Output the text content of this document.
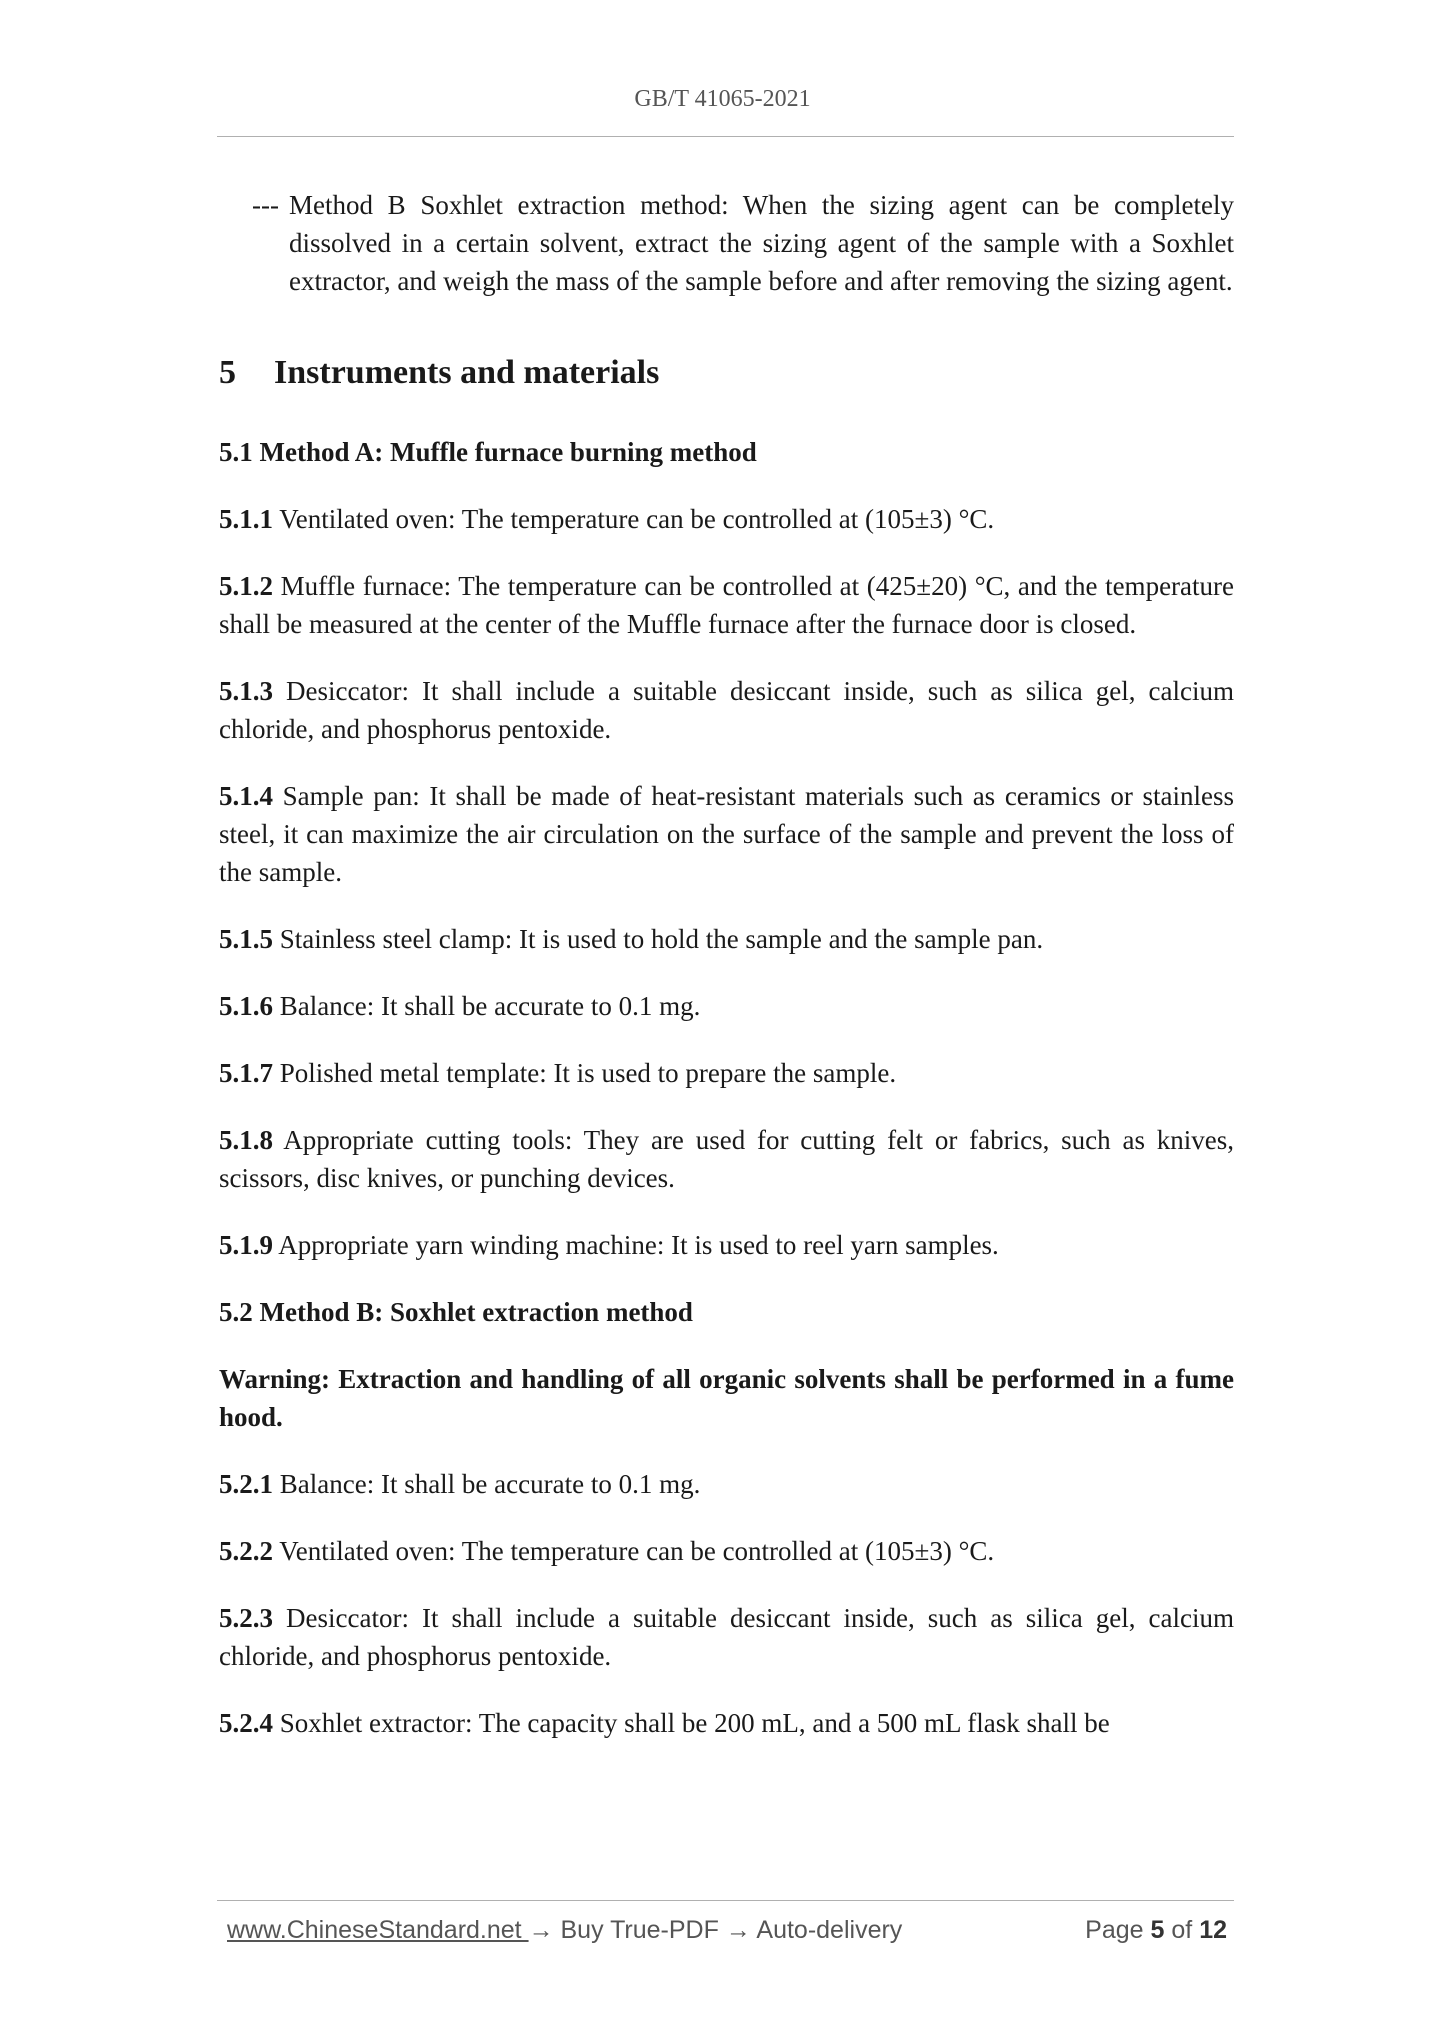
GB/T 41065-2021

--- Method B Soxhlet extraction method: When the sizing agent can be completely dissolved in a certain solvent, extract the sizing agent of the sample with a Soxhlet extractor, and weigh the mass of the sample before and after removing the sizing agent.

5 Instruments and materials
5.1 Method A: Muffle furnace burning method

5.1.1 Ventilated oven: The temperature can be controlled at (105±3) °C.

5.1.2 Muffle furnace: The temperature can be controlled at (425±20) °C, and the temperature shall be measured at the center of the Muffle furnace after the furnace door is closed.

5.1.3 Desiccator: It shall include a suitable desiccant inside, such as silica gel, calcium chloride, and phosphorus pentoxide.

5.1.4 Sample pan: It shall be made of heat-resistant materials such as ceramics or stainless steel, it can maximize the air circulation on the surface of the sample and prevent the loss of the sample.

5.1.5 Stainless steel clamp: It is used to hold the sample and the sample pan.

5.1.6 Balance: It shall be accurate to 0.1 mg.

5.1.7 Polished metal template: It is used to prepare the sample.

5.1.8 Appropriate cutting tools: They are used for cutting felt or fabrics, such as knives, scissors, disc knives, or punching devices.

5.1.9 Appropriate yarn winding machine: It is used to reel yarn samples.

5.2 Method B: Soxhlet extraction method

Warning: Extraction and handling of all organic solvents shall be performed in a fume hood.

5.2.1 Balance: It shall be accurate to 0.1 mg.

5.2.2 Ventilated oven: The temperature can be controlled at (105±3) °C.

5.2.3 Desiccator: It shall include a suitable desiccant inside, such as silica gel, calcium chloride, and phosphorus pentoxide.

5.2.4 Soxhlet extractor: The capacity shall be 200 mL, and a 500 mL flask shall be

www.ChineseStandard.net → Buy True-PDF → Auto-delivery	Page 5 of 12
